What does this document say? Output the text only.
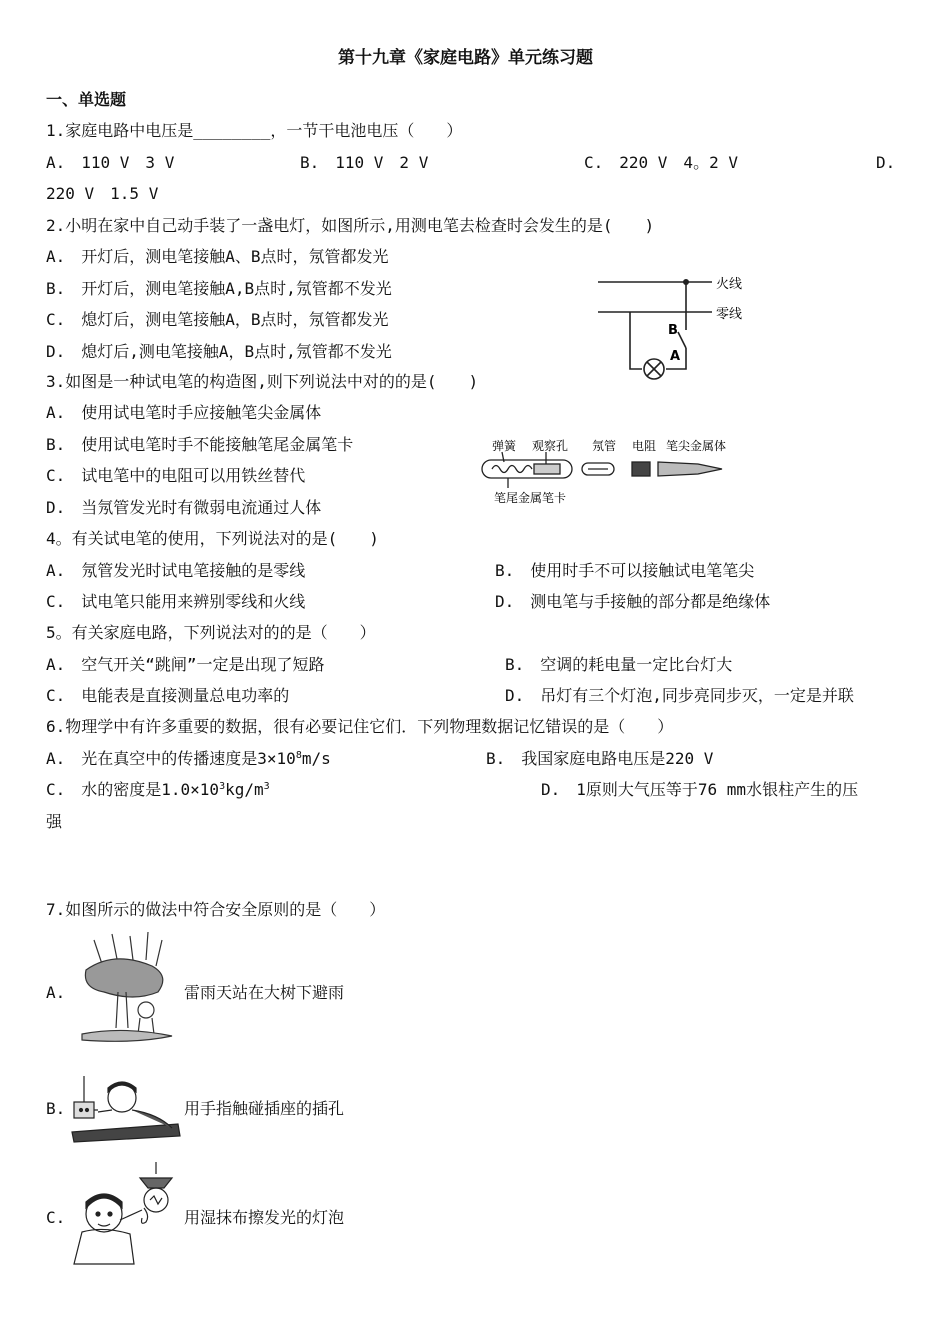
第十九章《家庭电路》单元练习题
一、单选题
1.家庭电路中电压是________，一节干电池电压（　　）
A.　110 V　3 V	B.　110 V　2 V	C.　220 V　4。2 V	D.
220 V　1.5 V
2.小明在家中自己动手装了一盏电灯，如图所示,用测电笔去检查时会发生的是(　　)
A.　开灯后，测电笔接触A、B点时，氖管都发光
B.　开灯后，测电笔接触A,B点时,氖管都不发光
C.　熄灯后，测电笔接触A，B点时，氖管都发光
D.　熄灯后,测电笔接触A，B点时,氖管都不发光
火线
零线
B
A
3.如图是一种试电笔的构造图,则下列说法中对的的是(　　)
A.　使用试电笔时手应接触笔尖金属体
B.　使用试电笔时手不能接触笔尾金属笔卡
C.　试电笔中的电阻可以用铁丝替代
D.　当氖管发光时有微弱电流通过人体
弹簧 观察孔 氖管 电阻 笔尖金属体
笔尾金属笔卡
4。有关试电笔的使用，下列说法对的是(　　)
A.　氖管发光时试电笔接触的是零线	B.　使用时手不可以接触试电笔笔尖
C.　试电笔只能用来辨别零线和火线	D.　测电笔与手接触的部分都是绝缘体
5。有关家庭电路，下列说法对的的是（　　）
A.　空气开关“跳闸”一定是出现了短路	B.　空调的耗电量一定比台灯大
C.　电能表是直接测量总电功率的	D.　吊灯有三个灯泡,同步亮同步灭，一定是并联
6.物理学中有许多重要的数据，很有必要记住它们．下列物理数据记忆错误的是（　　）
A.　光在真空中的传播速度是$3\times 10^8m/s$	B.　我国家庭电路电压是220 V
C.　水的密度是$1.0\times 10^3kg/m^3$	D.　1原则大气压等于76 mm水银柱产生的压
强
7.如图所示的做法中符合安全原则的是（　　）
A.	雷雨天站在大树下避雨
B.	用手指触碰插座的插孔
C.	用湿抹布擦发光的灯泡
